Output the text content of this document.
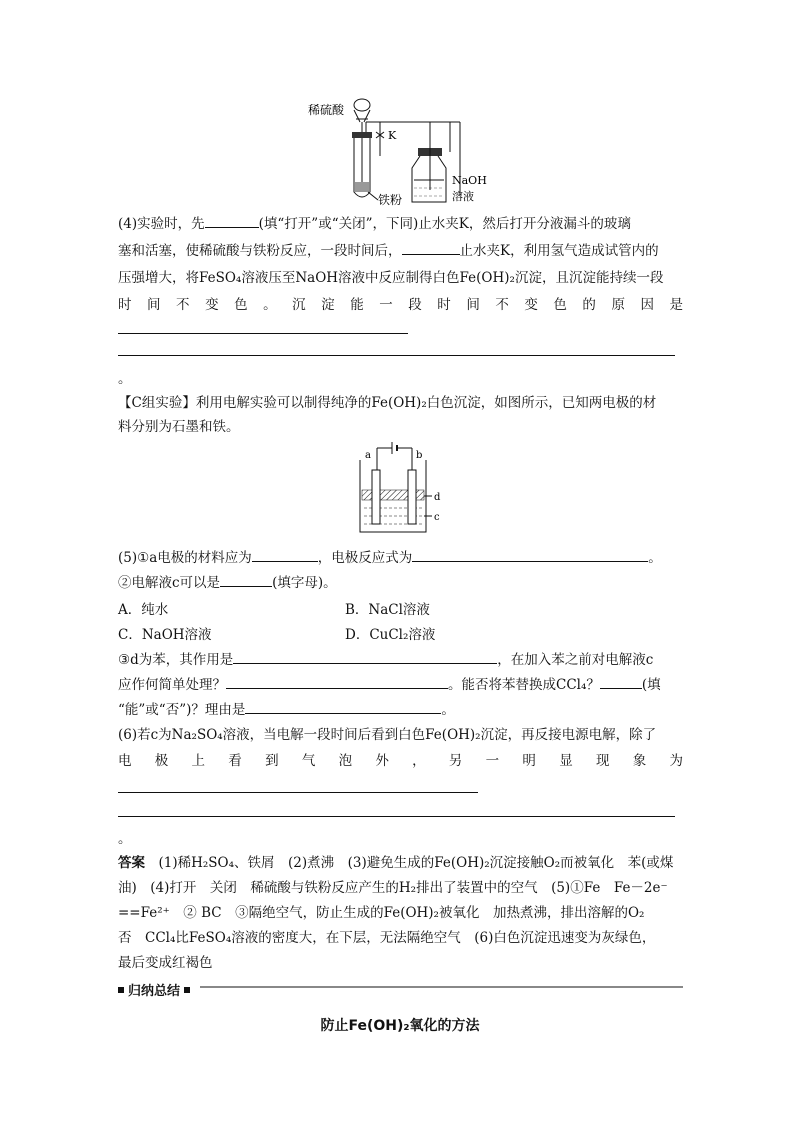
稀硫酸
K
铁粉
NaOH
溶液
(4)实验时，先	(填“打开”或“关闭”，下同)止水夹K，然后打开分液漏斗的玻璃
塞和活塞，使稀硫酸与铁粉反应，一段时间后，	止水夹K，利用氢气造成试管内的
压强增大，将FeSO₄溶液压至NaOH溶液中反应制得白色Fe(OH)₂沉淀，且沉淀能持续一段
时间不变色。沉淀能一段时间不变色的原因是
。
【C组实验】利用电解实验可以制得纯净的Fe(OH)₂白色沉淀，如图所示，已知两电极的材
料分别为石墨和铁。
a	b
d
c
(5)①a电极的材料应为	，电极反应式为	。
②电解液c可以是	(填字母)。
A．纯水	B．NaCl溶液
C．NaOH溶液	D．CuCl₂溶液
③d为苯，其作用是	，在加入苯之前对电解液c
应作何简单处理？	。能否将苯替换成CCl₄？	(填
“能”或“否”)？理由是	。
(6)若c为Na₂SO₄溶液，当电解一段时间后看到白色Fe(OH)₂沉淀，再反接电源电解，除了
电极上看到气泡外，另一明显现象为
。
答案　 (1)稀H₂SO₄、铁屑　(2)煮沸　(3)避免生成的Fe(OH)₂沉淀接触O₂而被氧化　苯(或煤
油)　(4)打开　关闭　稀硫酸与铁粉反应产生的H₂排出了装置中的空气　(5)①Fe　Fe－2e⁻
==Fe²⁺　② BC　③隔绝空气，防止生成的Fe(OH)₂被氧化　加热煮沸，排出溶解的O₂
否　CCl₄比FeSO₄溶液的密度大，在下层，无法隔绝空气　(6)白色沉淀迅速变为灰绿色，
最后变成红褐色
归纳总结
防止Fe(OH)₂氧化的方法
